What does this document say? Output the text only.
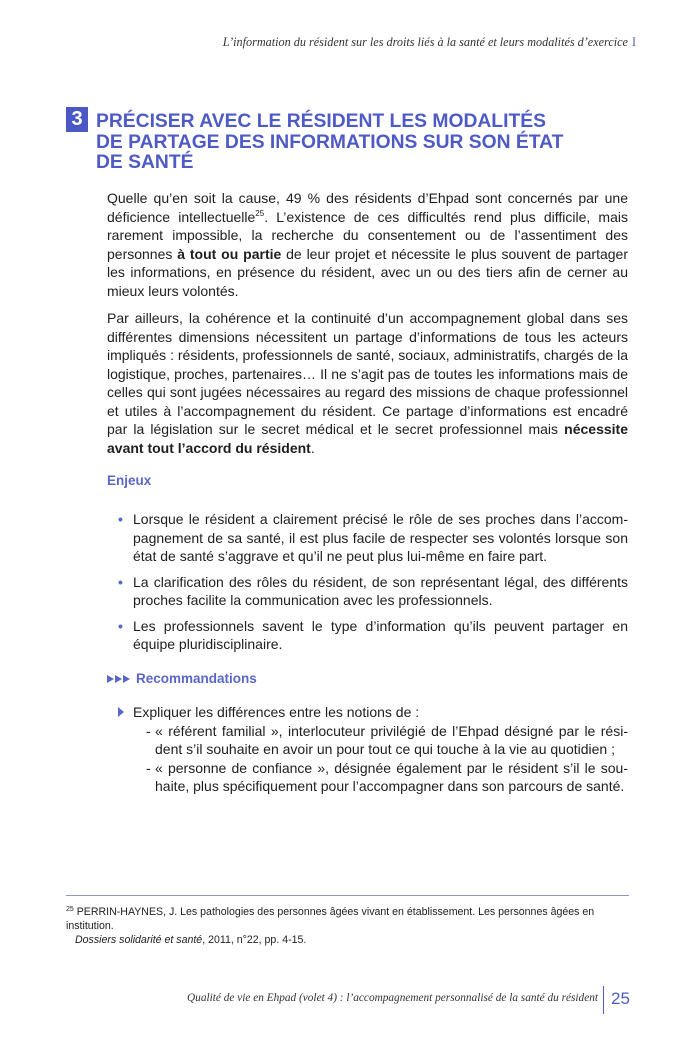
L’information du résident sur les droits liés à la santé et leurs modalités d’exercice I
3 PRÉCISER AVEC LE RÉSIDENT LES MODALITÉS
DE PARTAGE DES INFORMATIONS SUR SON ÉTAT
DE SANTÉ

Quelle qu’en soit la cause, 49 % des résidents d’Ehpad sont concernés par une déficience intellectuelle$^{25}$. L’existence de ces difficultés rend plus difficile, mais rarement impossible, la recherche du consentement ou de l’assentiment des personnes à tout ou partie de leur projet et nécessite le plus souvent de partager les informations, en présence du résident, avec un ou des tiers afin de cerner au mieux leurs volontés.

Par ailleurs, la cohérence et la continuité d’un accompagnement global dans ses différentes dimensions nécessitent un partage d’informations de tous les acteurs impliqués : résidents, professionnels de santé, sociaux, administratifs, chargés de la logistique, proches, partenaires… Il ne s’agit pas de toutes les informations mais de celles qui sont jugées nécessaires au regard des missions de chaque professionnel et utiles à l’accompagnement du résident. Ce partage d’informations est encadré par la législation sur le secret médical et le secret professionnel mais nécessite avant tout l’accord du résident.

Enjeux
• Lorsque le résident a clairement précisé le rôle de ses proches dans l’accompagnement de sa santé, il est plus facile de respecter ses volontés lorsque son état de santé s’aggrave et qu’il ne peut plus lui-même en faire part.
• La clarification des rôles du résident, de son représentant légal, des différents proches facilite la communication avec les professionnels.
• Les professionnels savent le type d’information qu’ils peuvent partager en équipe pluridisciplinaire.
Recommandations
Expliquer les différences entre les notions de :
- « référent familial », interlocuteur privilégié de l’Ehpad désigné par le résident s’il souhaite en avoir un pour tout ce qui touche à la vie au quotidien ;
- « personne de confiance », désignée également par le résident s’il le souhaite, plus spécifiquement pour l’accompagner dans son parcours de santé.
$^{25}$ PERRIN-HAYNES, J. Les pathologies des personnes âgées vivant en établissement. Les personnes âgées en institution.
Dossiers solidarité et santé, 2011, n°22, pp. 4-15.
Qualité de vie en Ehpad (volet 4) : l’accompagnement personnalisé de la santé du résident 25
